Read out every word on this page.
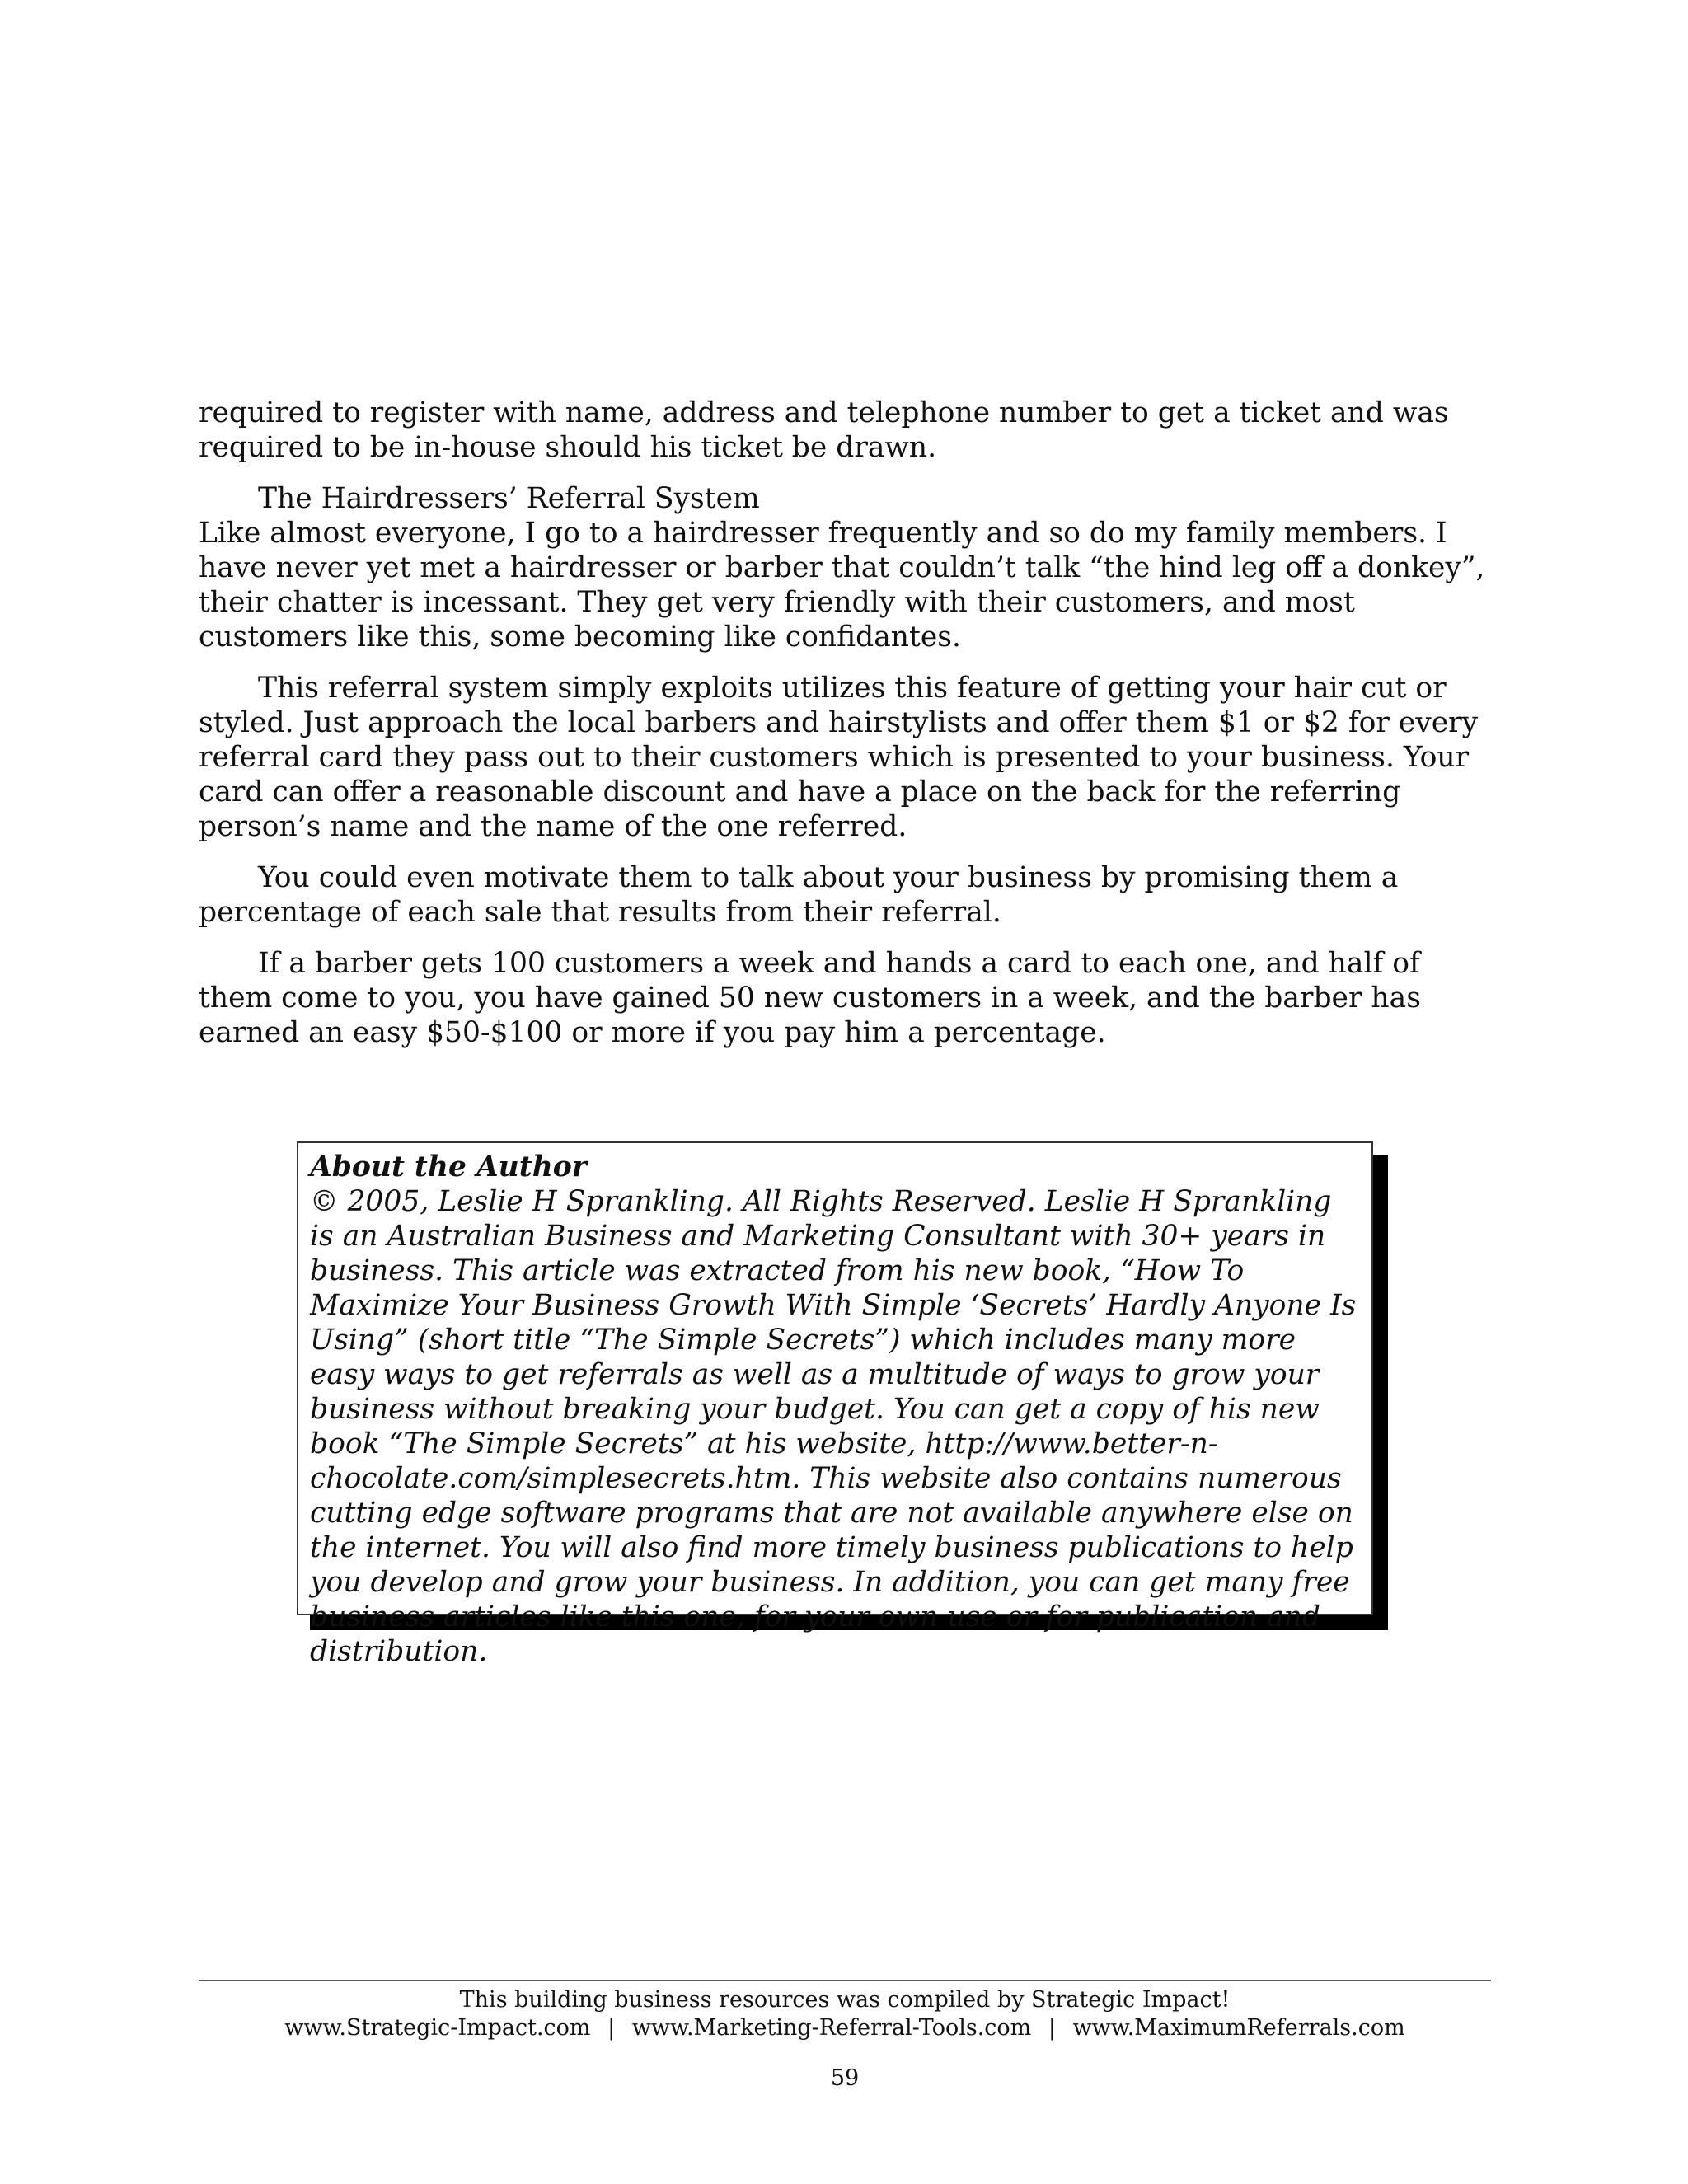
required to register with name, address and telephone number to get a ticket and was required to be in-house should his ticket be drawn.

The Hairdressers’ Referral System
Like almost everyone, I go to a hairdresser frequently and so do my family members. I have never yet met a hairdresser or barber that couldn’t talk “the hind leg off a donkey”, their chatter is incessant. They get very friendly with their customers, and most customers like this, some becoming like confidantes.

This referral system simply exploits utilizes this feature of getting your hair cut or styled. Just approach the local barbers and hairstylists and offer them $1 or $2 for every referral card they pass out to their customers which is presented to your business. Your card can offer a reasonable discount and have a place on the back for the referring person’s name and the name of the one referred.

You could even motivate them to talk about your business by promising them a percentage of each sale that results from their referral.

If a barber gets 100 customers a week and hands a card to each one, and half of them come to you, you have gained 50 new customers in a week, and the barber has earned an easy $50-$100 or more if you pay him a percentage.

About the Author
© 2005, Leslie H Sprankling. All Rights Reserved. Leslie H Sprankling is an Australian Business and Marketing Consultant with 30+ years in business. This article was extracted from his new book, “How To Maximize Your Business Growth With Simple ‘Secrets’ Hardly Anyone Is Using” (short title “The Simple Secrets”) which includes many more easy ways to get referrals as well as a multitude of ways to grow your business without breaking your budget. You can get a copy of his new book “The Simple Secrets” at his website, http://www.better-n-chocolate.com/simplesecrets.htm. This website also contains numerous cutting edge software programs that are not available anywhere else on the internet. You will also find more timely business publications to help you develop and grow your business. In addition, you can get many free business articles like this one, for your own use or for publication and distribution.
This building business resources was compiled by Strategic Impact!
www.Strategic-Impact.com | www.Marketing-Referral-Tools.com | www.MaximumReferrals.com
59
